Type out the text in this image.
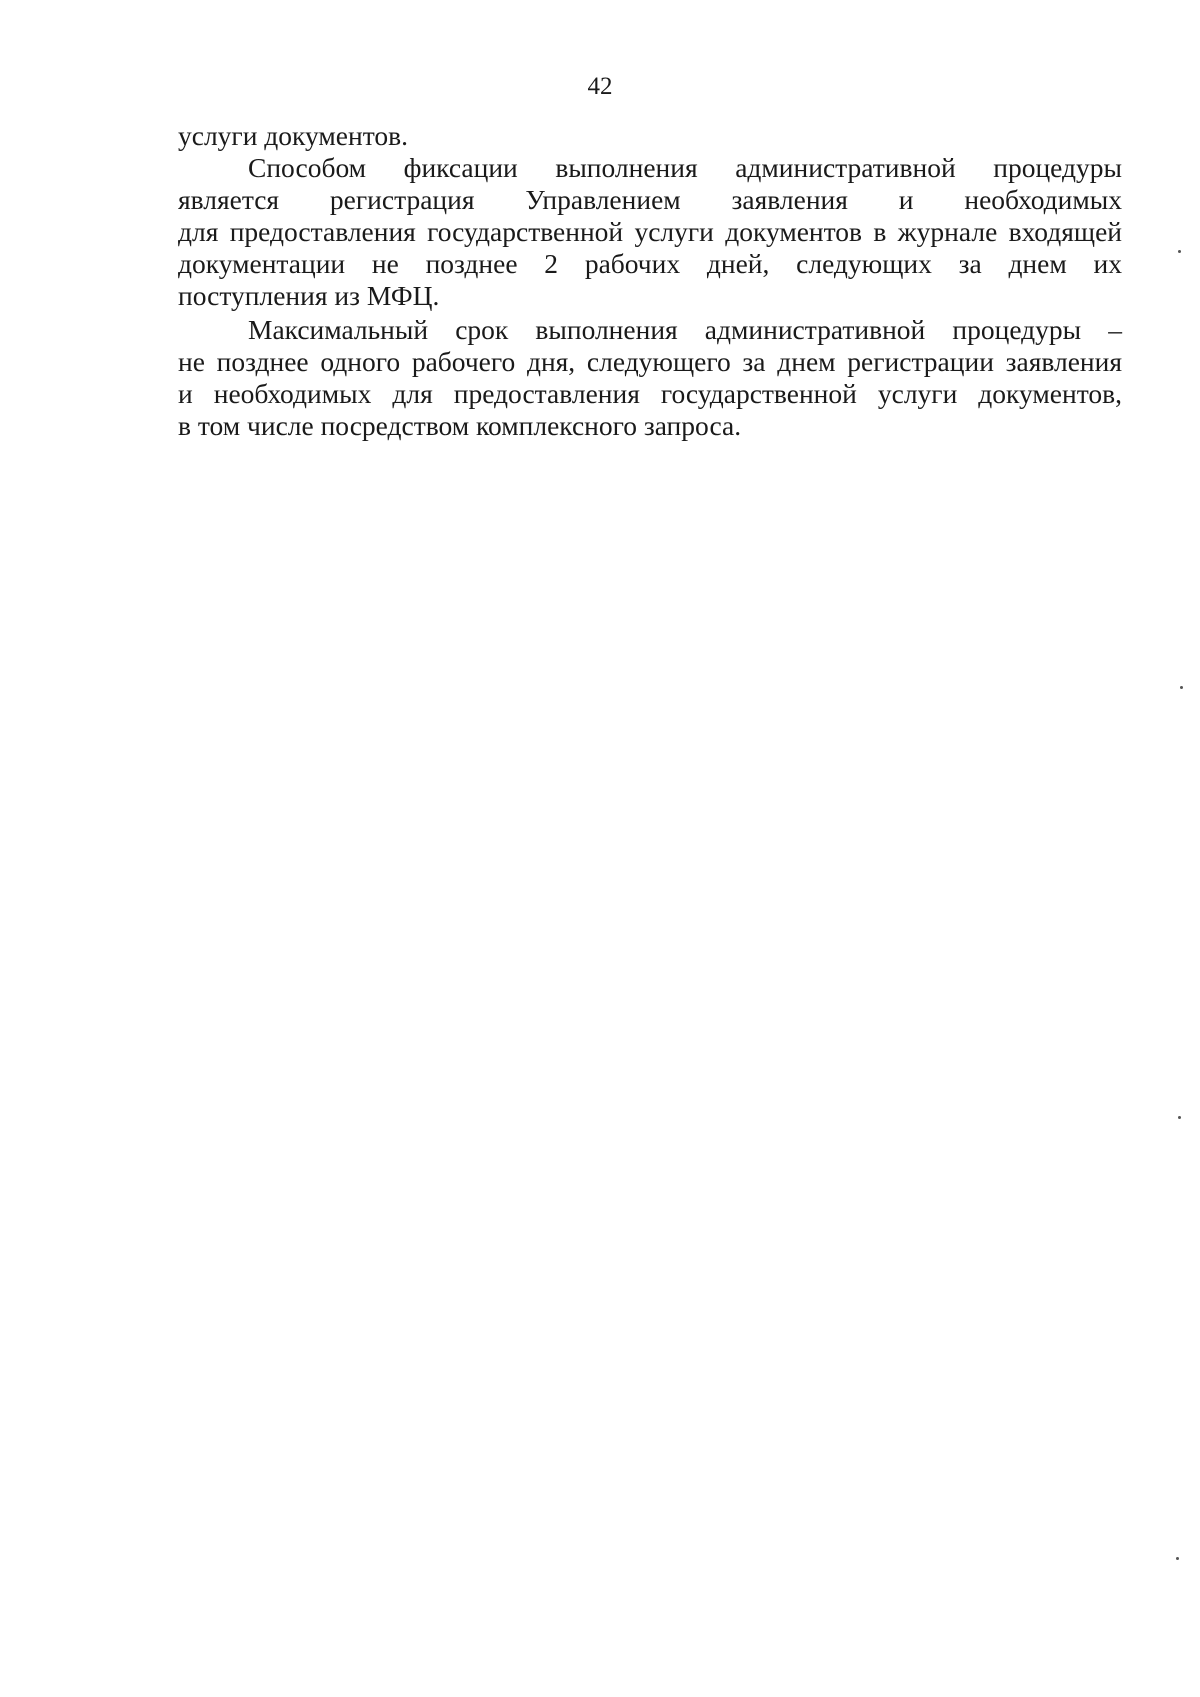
42
услуги документов.
Способом фиксации выполнения административной процедуры
является регистрация Управлением заявления и необходимых
для предоставления государственной услуги документов в журнале входящей
документации не позднее 2 рабочих дней, следующих за днем их
поступления из МФЦ.
Максимальный срок выполнения административной процедуры –
не позднее одного рабочего дня, следующего за днем регистрации заявления
и необходимых для предоставления государственной услуги документов,
в том числе посредством комплексного запроса.
